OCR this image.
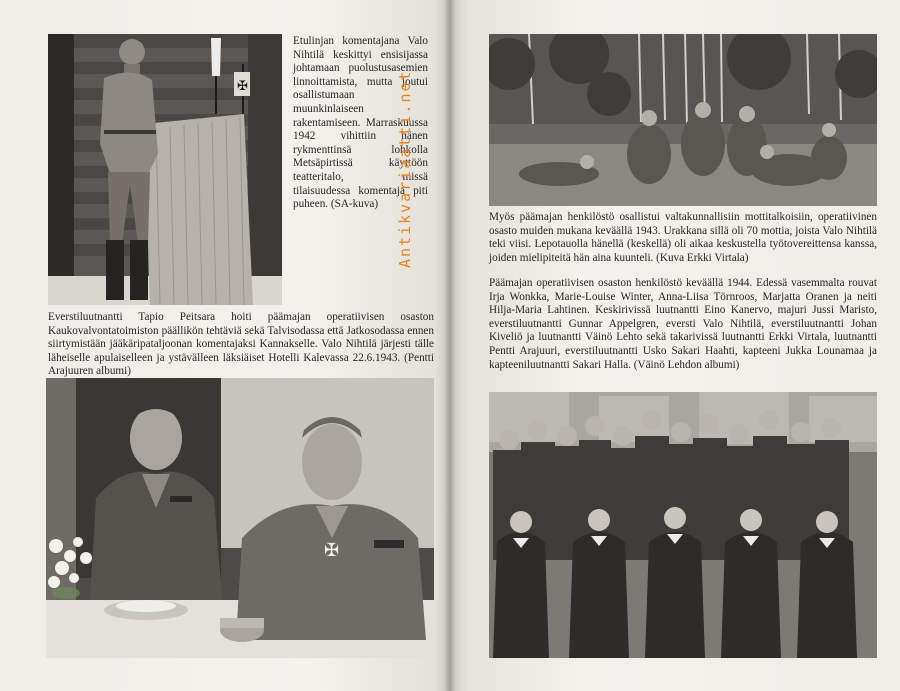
✠

Etulinjan komentajana Valo Nihtilä keskittyi ensisijassa johtamaan puolustusasemien linnoittamista, mutta joutui osallistumaan muunkinlaiseen rakentamiseen. Marraskuussa 1942 vihittiin hänen rykmenttinsä lohkolla Metsäpirtissä käyttöön teatteritalo, missä tilaisuudessa komentaja piti puheen. (SA-kuva)

Everstiluutnantti Tapio Peitsara hoiti päämajan operatiivisen osaston Kaukovalvontatoimiston päällikön tehtäviä sekä Talvisodassa että Jatkosodassa ennen siirtymistään jääkäripataljoonan komentajaksi Kannakselle. Valo Nihtilä järjesti tälle läheiselle apulaiselleen ja ystävälleen läksiäiset Hotelli Kalevassa 22.6.1943. (Pentti Arajuuren albumi)

✠
Antikvariaatti.net	Myös päämajan henkilöstö osallistui valtakunnallisiin mottitalkoisiin, operatiivinen osasto muiden mukana keväällä 1943. Urakkana sillä oli 70 mottia, joista Valo Nihtilä teki viisi. Lepotauolla hänellä (keskellä) oli aikaa keskustella työtovereittensa kanssa, joiden mielipiteitä hän aina kuunteli. (Kuva Erkki Virtala)

Päämajan operatiivisen osaston henkilöstö keväällä 1944. Edessä vasemmalta rouvat Irja Wonkka, Marie-Louise Winter, Anna-Liisa Törnroos, Marjatta Oranen ja neiti Hilja-Maria Lahtinen. Keskirivissä luutnantti Eino Kanervo, majuri Jussi Maristo, everstiluutnantti Gunnar Appelgren, eversti Valo Nihtilä, everstiluutnantti Johan Kiveliö ja luutnantti Väinö Lehto sekä takarivissä luutnantti Erkki Virtala, luutnantti Pentti Arajuuri, everstiluutnantti Usko Sakari Haahti, kapteeni Jukka Lounamaa ja kapteeniluutnantti Sakari Halla. (Väinö Lehdon albumi)
